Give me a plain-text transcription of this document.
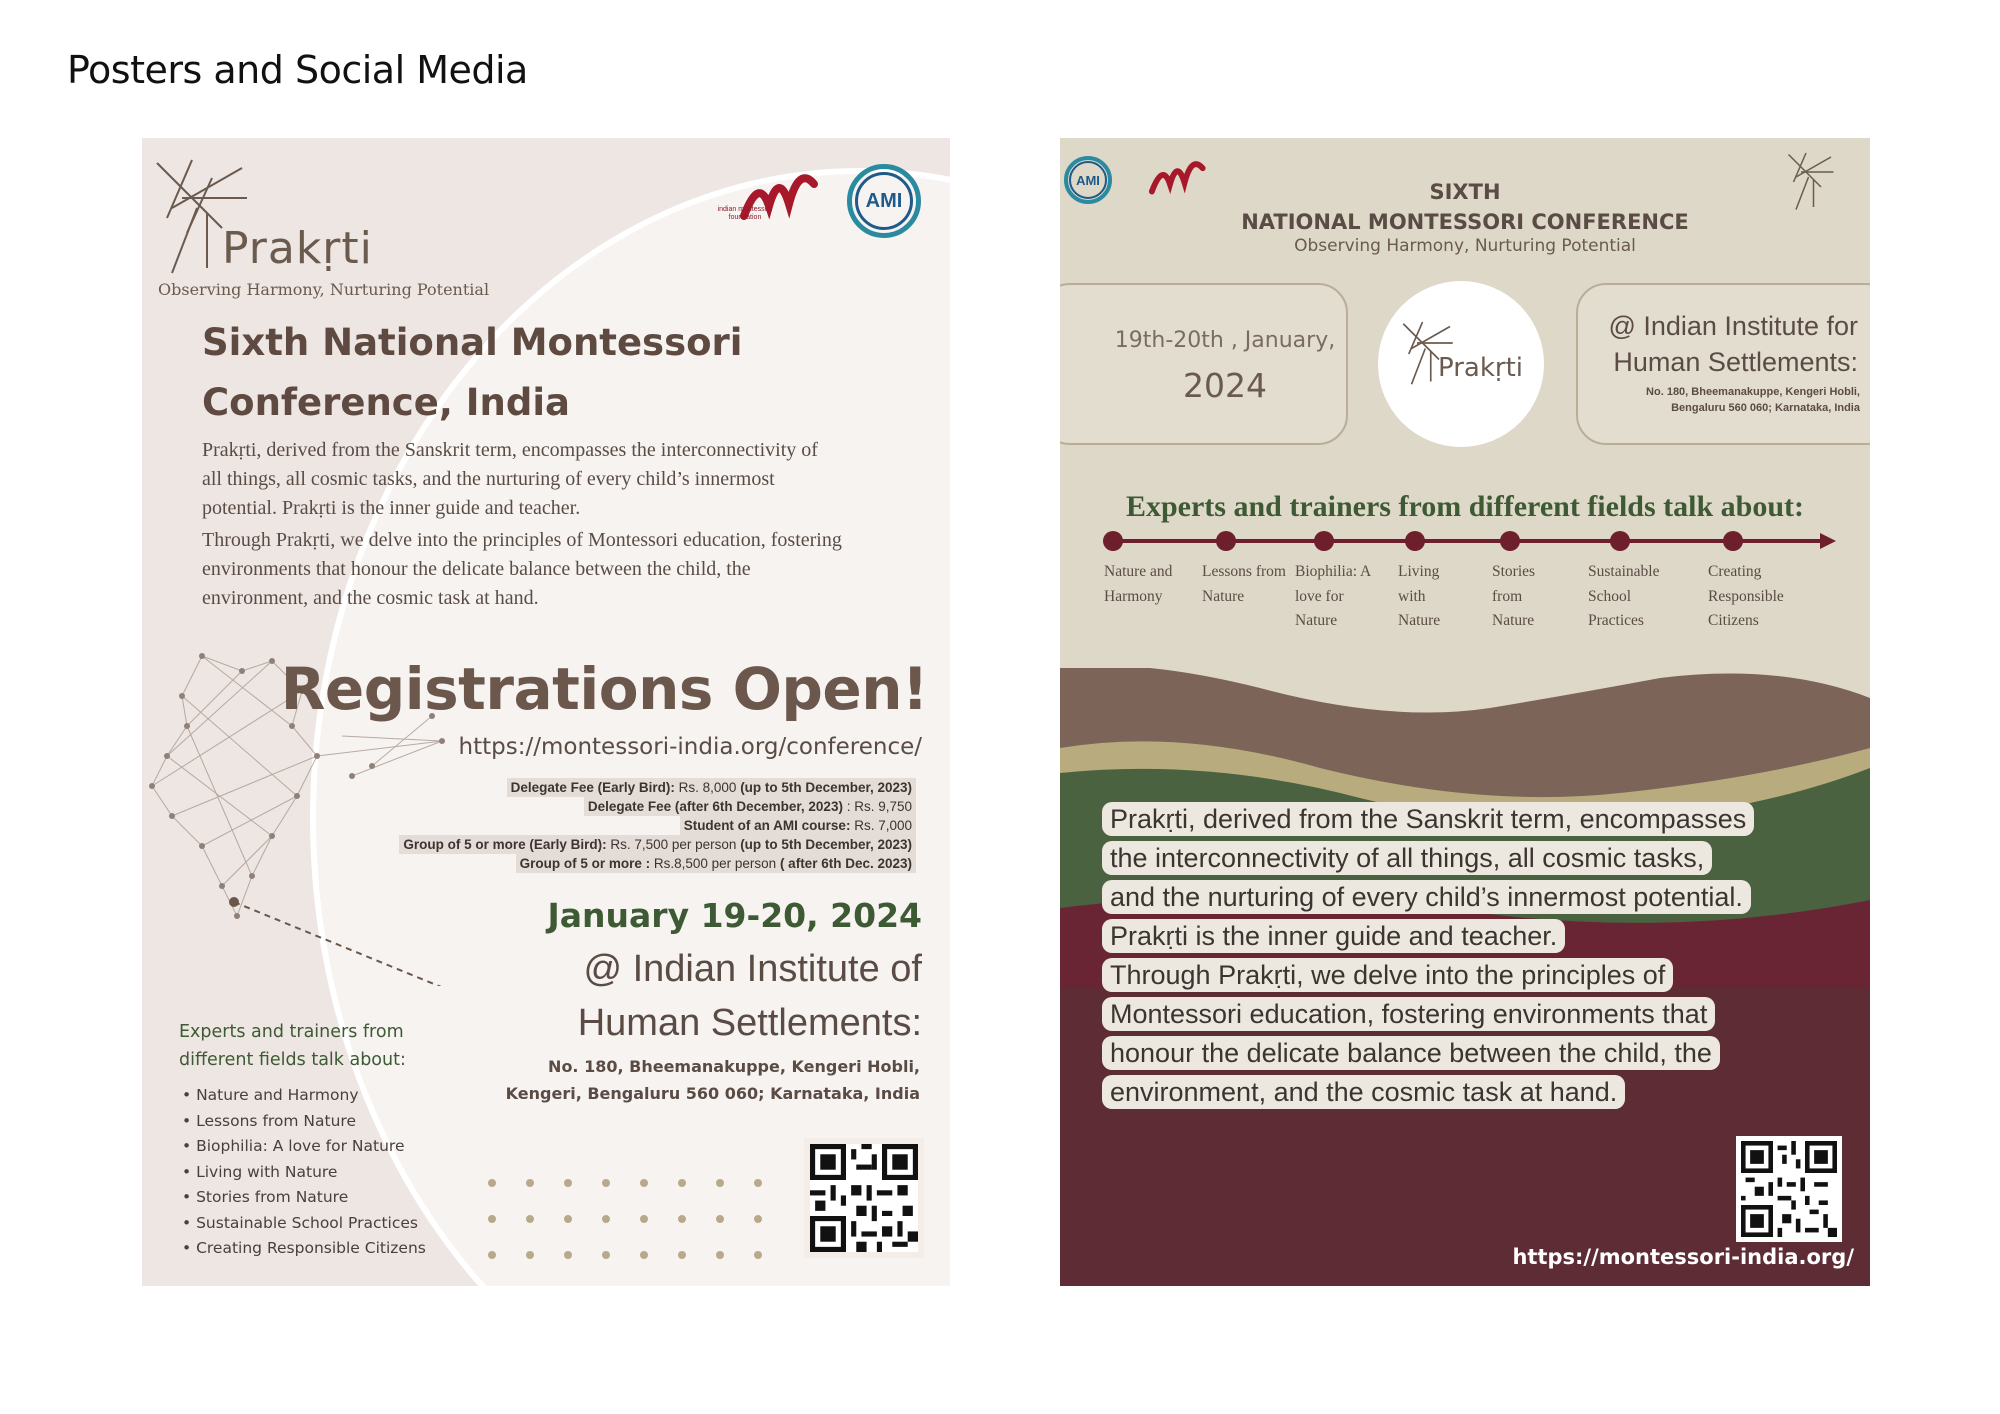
Posters and Social Media
Prakṛti
Observing Harmony, Nurturing Potential
indian montessori foundation
AMI
Sixth National Montessori Conference, India

Prakṛti, derived from the Sanskrit term, encompasses the interconnectivity of all things, all cosmic tasks, and the nurturing of every child’s innermost potential. Prakṛti is the inner guide and teacher.

Through Prakṛti, we delve into the principles of Montessori education, fostering environments that honour the delicate balance between the child, the environment, and the cosmic task at hand.

Registrations Open!
https://montessori-india.org/conference/
Delegate Fee (Early Bird): Rs. 8,000 (up to 5th December, 2023)
Delegate Fee (after 6th December, 2023) : Rs. 9,750
Student of an AMI course: Rs. 7,000
Group of 5 or more (Early Bird): Rs. 7,500 per person (up to 5th December, 2023)
Group of 5 or more : Rs.8,500 per person ( after 6th Dec. 2023)
January 19-20, 2024
@ Indian Institute of Human Settlements:
No. 180, Bheemanakuppe, Kengeri Hobli,
Kengeri, Bengaluru 560 060; Karnataka, India
Experts and trainers from different fields talk about:
• Nature and Harmony
• Lessons from Nature
• Biophilia: A love for Nature
• Living with Nature
• Stories from Nature
• Sustainable School Practices
• Creating Responsible Citizens
AMI	SIXTH
NATIONAL MONTESSORI CONFERENCE
Observing Harmony, Nurturing Potential
19th-20th , January,
2024	Prakṛti
@ Indian Institute for Human Settlements:
No. 180, Bheemanakuppe, Kengeri Hobli,
Bengaluru 560 060; Karnataka, India
Experts and trainers from different fields talk about:
Nature and Harmony
Lessons from Nature
Biophilia: A love for Nature
Living with Nature
Stories from Nature
Sustainable School Practices
Creating Responsible Citizens
Prakṛti, derived from the Sanskrit term, encompasses
the interconnectivity of all things, all cosmic tasks,
and the nurturing of every child’s innermost potential.
Prakṛti is the inner guide and teacher.
Through Prakṛti, we delve into the principles of
Montessori education, fostering environments that
honour the delicate balance between the child, the
environment, and the cosmic task at hand.
https://montessori-india.org/
